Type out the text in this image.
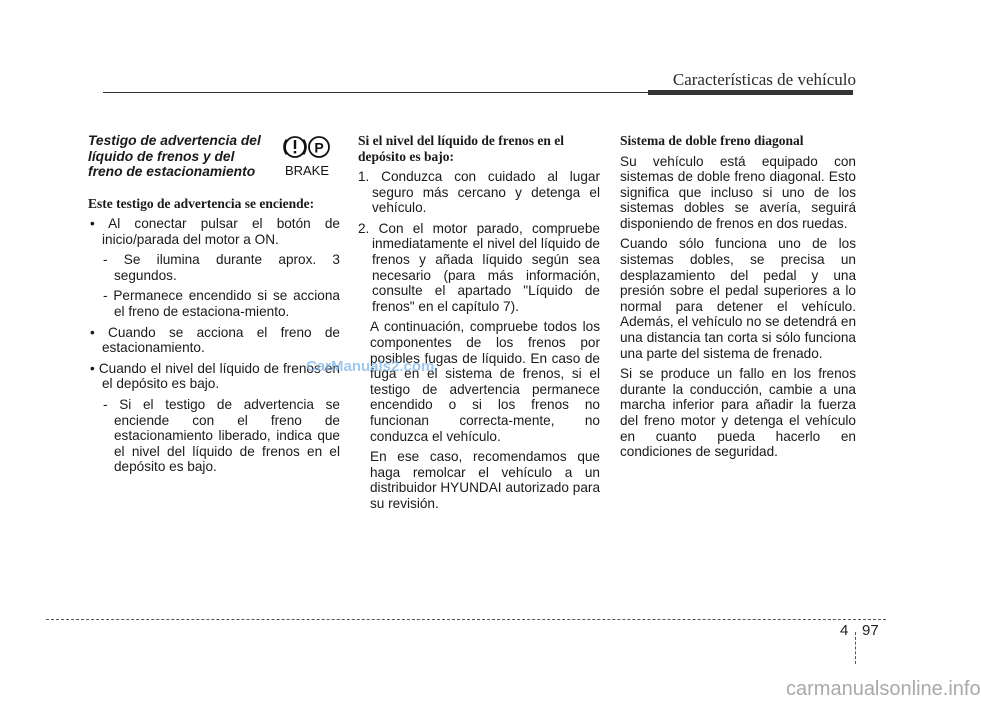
Características de vehículo
Testigo de advertencia del líquido de frenos y del freno de estacionamiento
Este testigo de advertencia se enciende:
• Al conectar pulsar el botón de inicio/parada del motor a ON.
- Se ilumina durante aprox. 3 segundos.
- Permanece encendido si se acciona el freno de estaciona-miento.
• Cuando se acciona el freno de estacionamiento.
• Cuando el nivel del líquido de frenos en el depósito es bajo.
- Si el testigo de advertencia se enciende con el freno de estacionamiento liberado, indica que el nivel del líquido de frenos en el depósito es bajo.
P
BRAKE
Si el nivel del líquido de frenos en el depósito es bajo:
1. Conduzca con cuidado al lugar seguro más cercano y detenga el vehículo.
2. Con el motor parado, compruebe inmediatamente el nivel del líquido de frenos y añada líquido según sea necesario (para más información, consulte el apartado "Líquido de frenos" en el capítulo 7).
A continuación, compruebe todos los componentes de los frenos por posibles fugas de líquido. En caso de fuga en el sistema de frenos, si el testigo de advertencia permanece encendido o si los frenos no funcionan correcta-mente, no conduzca el vehículo.
En ese caso, recomendamos que haga remolcar el vehículo a un distribuidor HYUNDAI autorizado para su revisión.
Sistema de doble freno diagonal

Su vehículo está equipado con sistemas de doble freno diagonal. Esto significa que incluso si uno de los sistemas dobles se avería, seguirá disponiendo de frenos en dos ruedas.

Cuando sólo funciona uno de los sistemas dobles, se precisa un desplazamiento del pedal y una presión sobre el pedal superiores a lo normal para detener el vehículo. Además, el vehículo no se detendrá en una distancia tan corta si sólo funciona una parte del sistema de frenado.

Si se produce un fallo en los frenos durante la conducción, cambie a una marcha inferior para añadir la fuerza del freno motor y detenga el vehículo en cuanto pueda hacerlo en condiciones de seguridad.

CarManuals2.com
4 97
carmanualsonline.info
